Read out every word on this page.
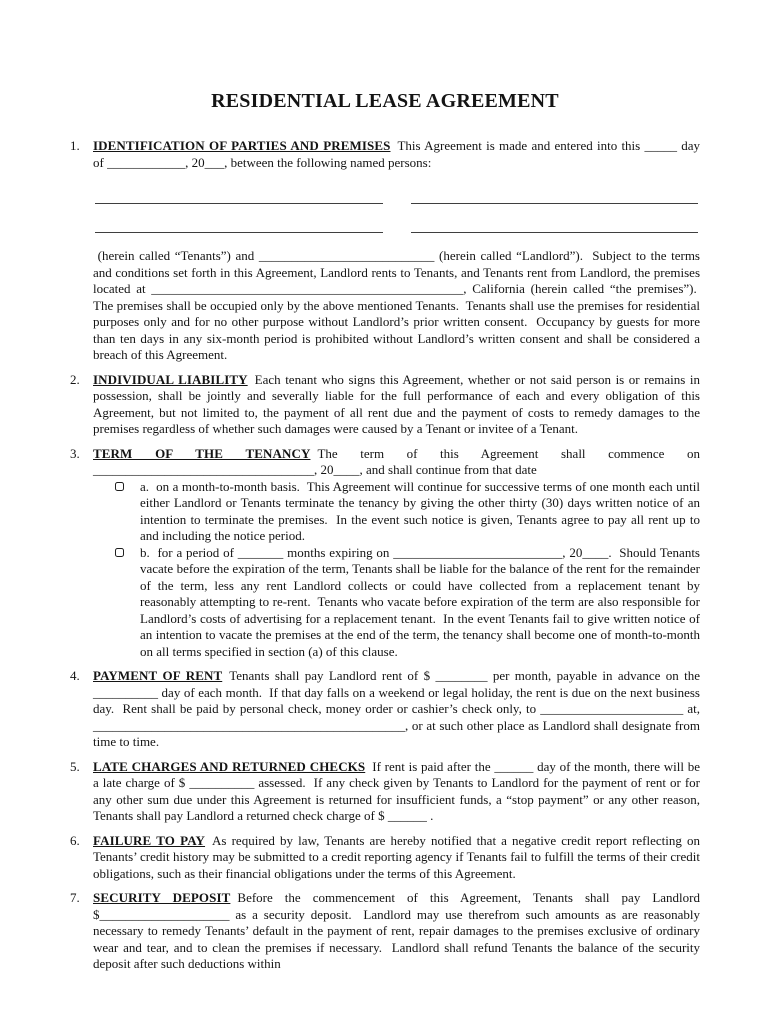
RESIDENTIAL LEASE AGREEMENT
1.	IDENTIFICATION OF PARTIES AND PREMISES This Agreement is made and entered into this _____ day of ____________, 20___, between the following named persons:

(herein called “Tenants”) and ___________________________ (herein called “Landlord”).  Subject to the terms and conditions set forth in this Agreement, Landlord rents to Tenants, and Tenants rent from Landlord, the premises located at ________________________________________________, California (herein called “the premises”).  The premises shall be occupied only by the above mentioned Tenants.  Tenants shall use the premises for residential purposes only and for no other purpose without Landlord’s prior written consent.  Occupancy by guests for more than ten days in any six-month period is prohibited without Landlord’s written consent and shall be considered a breach of this Agreement.

2.	INDIVIDUAL LIABILITY Each tenant who signs this Agreement, whether or not said person is or remains in possession, shall be jointly and severally liable for the full performance of each and every obligation of this Agreement, but not limited to, the payment of all rent due and the payment of costs to remedy damages to the premises regardless of whether such damages were caused by a Tenant or invitee of a Tenant.

3.	TERM OF THE TENANCY The term of this Agreement shall commence on __________________________________, 20____, and shall continue from that date

a.  on a month-to-month basis.  This Agreement will continue for successive terms of one month each until either Landlord or Tenants terminate the tenancy by giving the other thirty (30) days written notice of an intention to terminate the premises.  In the event such notice is given, Tenants agree to pay all rent up to and including the notice period.
b.  for a period of _______ months expiring on __________________________, 20____.  Should Tenants vacate before the expiration of the term, Tenants shall be liable for the balance of the rent for the remainder of the term, less any rent Landlord collects or could have collected from a replacement tenant by reasonably attempting to re-rent.  Tenants who vacate before expiration of the term are also responsible for Landlord’s costs of advertising for a replacement tenant.  In the event Tenants fail to give written notice of an intention to vacate the premises at the end of the term, the tenancy shall become one of month-to-month on all terms specified in section (a) of this clause.
4.	PAYMENT OF RENT Tenants shall pay Landlord rent of $ ________ per month, payable in advance on the __________ day of each month.  If that day falls on a weekend or legal holiday, the rent is due on the next business day.  Rent shall be paid by personal check, money order or cashier’s check only, to ______________________ at, ________________________________________________, or at such other place as Landlord shall designate from time to time.

5.	LATE CHARGES AND RETURNED CHECKS If rent is paid after the ______ day of the month, there will be a late charge of $ __________ assessed.  If any check given by Tenants to Landlord for the payment of rent or for any other sum due under this Agreement is returned for insufficient funds, a “stop payment” or any other reason, Tenants shall pay Landlord a returned check charge of $ ______ .

6.	FAILURE TO PAY As required by law, Tenants are hereby notified that a negative credit report reflecting on Tenants’ credit history may be submitted to a credit reporting agency if Tenants fail to fulfill the terms of their credit obligations, such as their financial obligations under the terms of this Agreement.

7.	SECURITY DEPOSIT Before the commencement of this Agreement, Tenants shall pay Landlord $____________________ as a security deposit.  Landlord may use therefrom such amounts as are reasonably necessary to remedy Tenants’ default in the payment of rent, repair damages to the premises exclusive of ordinary wear and tear, and to clean the premises if necessary.  Landlord shall refund Tenants the balance of the security deposit after such deductions within
